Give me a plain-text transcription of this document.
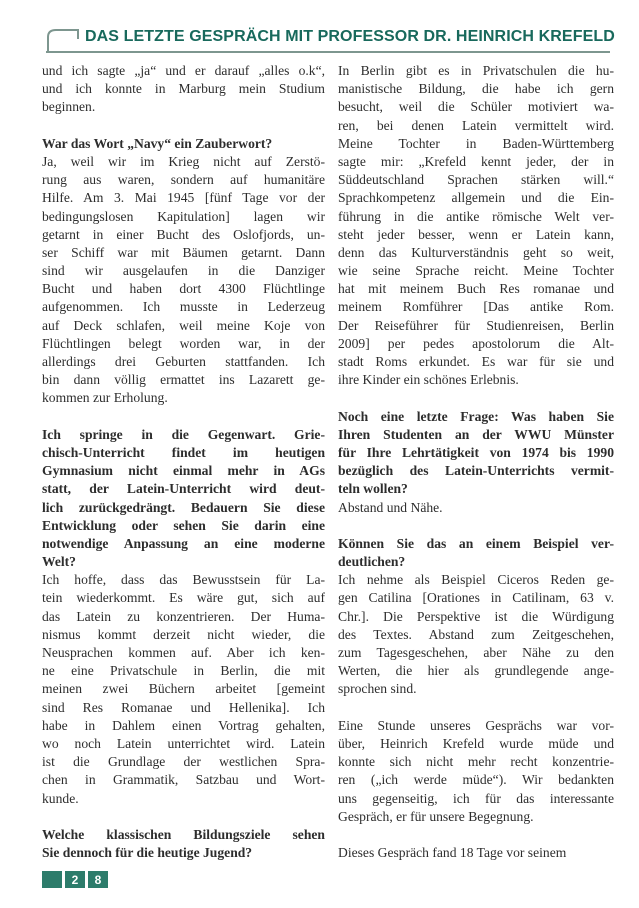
DAS LETZTE GESPRÄCH MIT PROFESSOR DR. HEINRICH KREFELD
und ich sagte „ja“ und er darauf „alles o.k“,
und ich konnte in Marburg mein Studium
beginnen.
War das Wort „Navy“ ein Zauberwort?
Ja, weil wir im Krieg nicht auf Zerstö-
rung aus waren, sondern auf humanitäre
Hilfe. Am 3. Mai 1945 [fünf Tage vor der
bedingungslosen Kapitulation] lagen wir
getarnt in einer Bucht des Oslofjords, un-
ser Schiff war mit Bäumen getarnt. Dann
sind wir ausgelaufen in die Danziger
Bucht und haben dort 4300 Flüchtlinge
aufgenommen. Ich musste in Lederzeug
auf Deck schlafen, weil meine Koje von
Flüchtlingen belegt worden war, in der
allerdings drei Geburten stattfanden. Ich
bin dann völlig ermattet ins Lazarett ge-
kommen zur Erholung.
Ich springe in die Gegenwart. Grie-
chisch-Unterricht findet im heutigen
Gymnasium nicht einmal mehr in AGs
statt, der Latein-Unterricht wird deut-
lich zurückgedrängt. Bedauern Sie diese
Entwicklung oder sehen Sie darin eine
notwendige Anpassung an eine moderne
Welt?
Ich hoffe, dass das Bewusstsein für La-
tein wiederkommt. Es wäre gut, sich auf
das Latein zu konzentrieren. Der Huma-
nismus kommt derzeit nicht wieder, die
Neusprachen kommen auf. Aber ich ken-
ne eine Privatschule in Berlin, die mit
meinen zwei Büchern arbeitet [gemeint
sind Res Romanae und Hellenika]. Ich
habe in Dahlem einen Vortrag gehalten,
wo noch Latein unterrichtet wird. Latein
ist die Grundlage der westlichen Spra-
chen in Grammatik, Satzbau und Wort-
kunde.
Welche klassischen Bildungsziele sehen
Sie dennoch für die heutige Jugend?
In Berlin gibt es in Privatschulen die hu-
manistische Bildung, die habe ich gern
besucht, weil die Schüler motiviert wa-
ren, bei denen Latein vermittelt wird.
Meine Tochter in Baden-Württemberg
sagte mir: „Krefeld kennt jeder, der in
Süddeutschland Sprachen stärken will.“
Sprachkompetenz allgemein und die Ein-
führung in die antike römische Welt ver-
steht jeder besser, wenn er Latein kann,
denn das Kulturverständnis geht so weit,
wie seine Sprache reicht. Meine Tochter
hat mit meinem Buch Res romanae und
meinem Romführer [Das antike Rom.
Der Reiseführer für Studienreisen, Berlin
2009] per pedes apostolorum die Alt-
stadt Roms erkundet. Es war für sie und
ihre Kinder ein schönes Erlebnis.
Noch eine letzte Frage: Was haben Sie
Ihren Studenten an der WWU Münster
für Ihre Lehrtätigkeit von 1974 bis 1990
bezüglich des Latein-Unterrichts vermit-
teln wollen?
Abstand und Nähe.
Können Sie das an einem Beispiel ver-
deutlichen?
Ich nehme als Beispiel Ciceros Reden ge-
gen Catilina [Orationes in Catilinam, 63 v.
Chr.]. Die Perspektive ist die Würdigung
des Textes. Abstand zum Zeitgeschehen,
zum Tagesgeschehen, aber Nähe zu den
Werten, die hier als grundlegende ange-
sprochen sind.
Eine Stunde unseres Gesprächs war vor-
über, Heinrich Krefeld wurde müde und
konnte sich nicht mehr recht konzentrie-
ren („ich werde müde“). Wir bedankten
uns gegenseitig, ich für das interessante
Gespräch, er für unsere Begegnung.
Dieses Gespräch fand 18 Tage vor seinem
2	8
